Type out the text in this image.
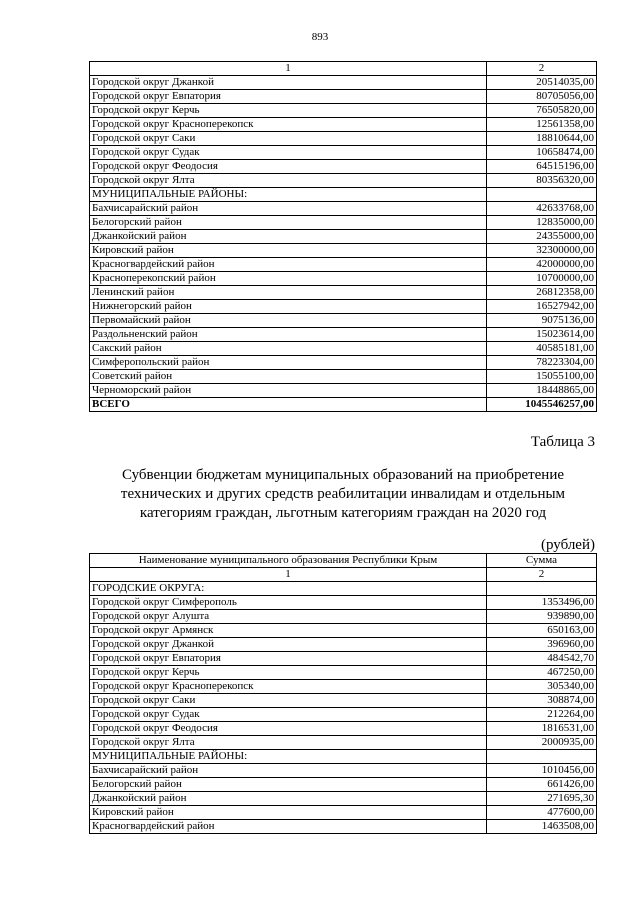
893
1	2
Городской округ Джанкой	20514035,00
Городской округ Евпатория	80705056,00
Городской округ Керчь	76505820,00
Городской округ Красноперекопск	12561358,00
Городской округ Саки	18810644,00
Городской округ Судак	10658474,00
Городской округ Феодосия	64515196,00
Городской округ Ялта	80356320,00
МУНИЦИПАЛЬНЫЕ РАЙОНЫ:	
Бахчисарайский район	42633768,00
Белогорский район	12835000,00
Джанкойский район	24355000,00
Кировский район	32300000,00
Красногвардейский район	42000000,00
Красноперекопский район	10700000,00
Ленинский район	26812358,00
Нижнегорский район	16527942,00
Первомайский район	9075136,00
Раздольненский район	15023614,00
Сакский район	40585181,00
Симферопольский район	78223304,00
Советский район	15055100,00
Черноморский район	18448865,00
ВСЕГО	1045546257,00
Таблица 3
Субвенции бюджетам муниципальных образований на приобретение технических и других средств реабилитации инвалидам и отдельным категориям граждан, льготным категориям граждан на 2020 год
(рублей)
Наименование муниципального образования Республики Крым	Сумма
1	2
ГОРОДСКИЕ ОКРУГА:	
Городской округ Симферополь	1353496,00
Городской округ Алушта	939890,00
Городской округ Армянск	650163,00
Городской округ Джанкой	396960,00
Городской округ Евпатория	484542,70
Городской округ Керчь	467250,00
Городской округ Красноперекопск	305340,00
Городской округ Саки	308874,00
Городской округ Судак	212264,00
Городской округ Феодосия	1816531,00
Городской округ Ялта	2000935,00
МУНИЦИПАЛЬНЫЕ РАЙОНЫ:	
Бахчисарайский район	1010456,00
Белогорский район	661426,00
Джанкойский район	271695,30
Кировский район	477600,00
Красногвардейский район	1463508,00
